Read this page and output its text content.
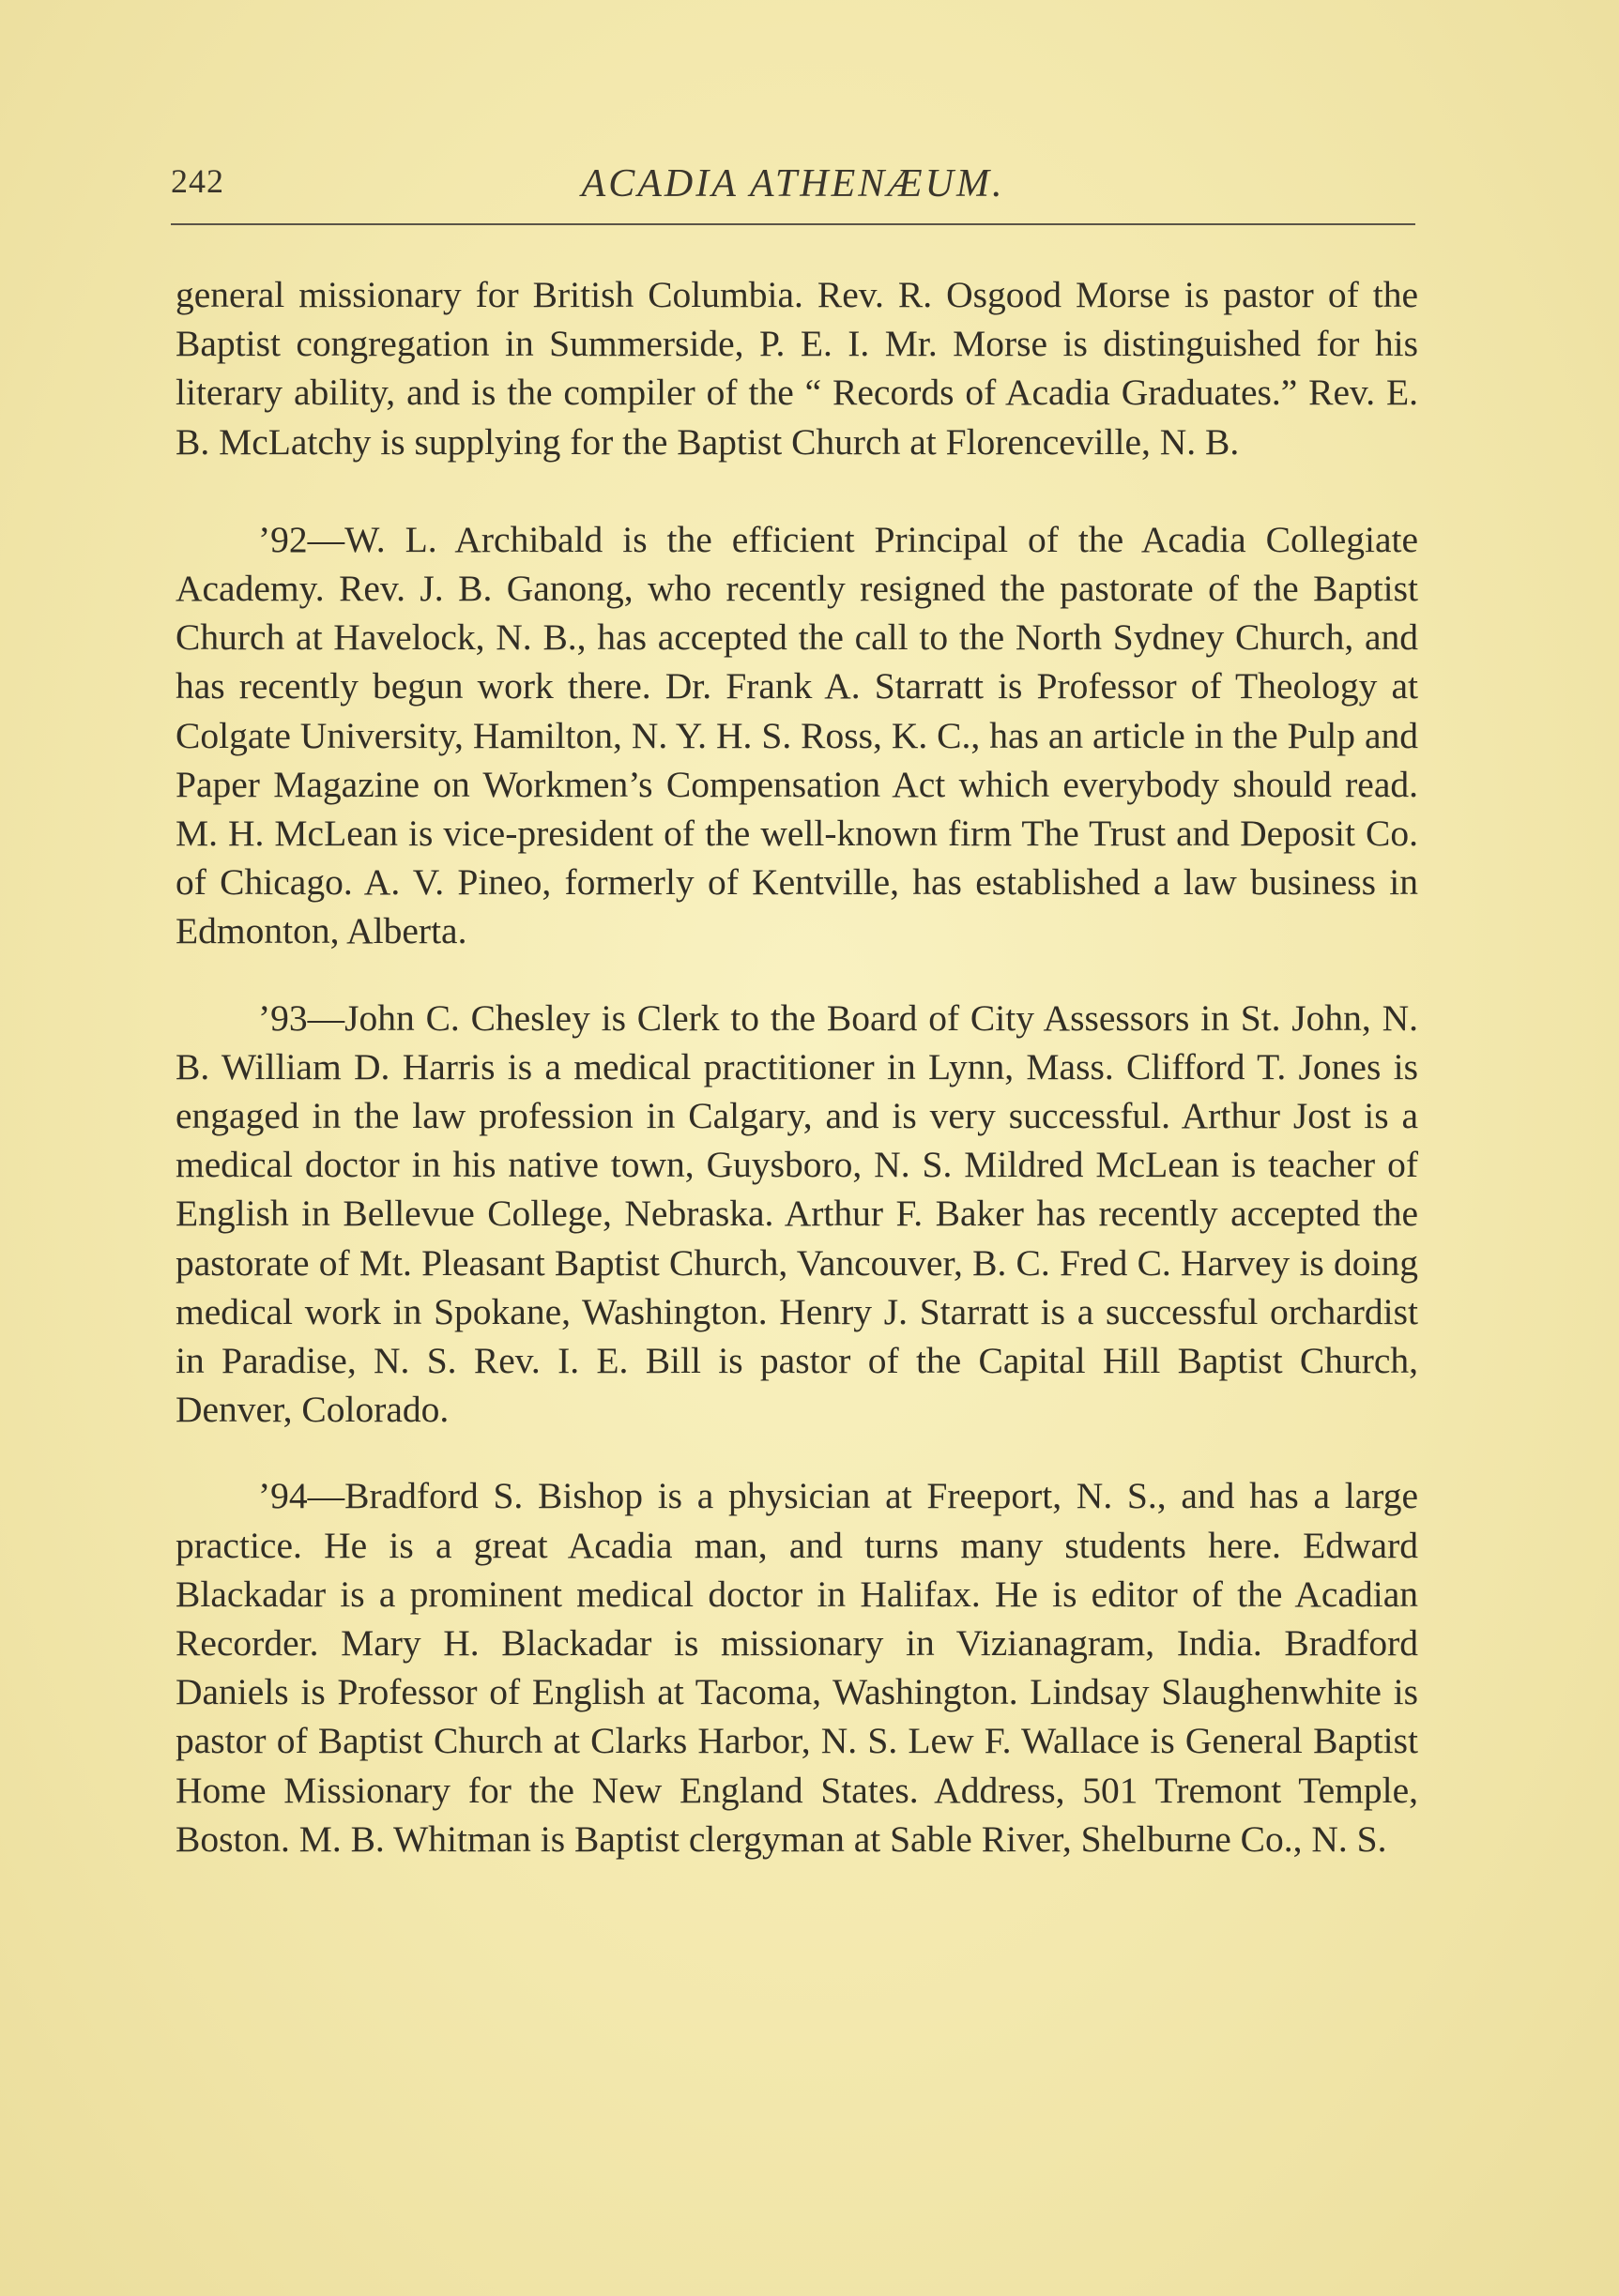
242	ACADIA ATHENÆUM.

general missionary for British Columbia. Rev. R. Osgood Morse is pastor of the Baptist congregation in Summerside, P. E. I. Mr. Morse is distinguished for his literary ability, and is the compiler of the “ Records of Acadia Graduates.” Rev. E. B. McLatchy is supplying for the Baptist Church at Florenceville, N. B.

’92—W. L. Archibald is the efficient Principal of the Acadia Collegiate Academy. Rev. J. B. Ganong, who recently resigned the pastorate of the Baptist Church at Havelock, N. B., has accepted the call to the North Sydney Church, and has recently begun work there. Dr. Frank A. Starratt is Professor of Theology at Colgate University, Hamilton, N. Y. H. S. Ross, K. C., has an article in the Pulp and Paper Magazine on Workmen’s Compensation Act which everybody should read. M. H. McLean is vice-president of the well-known firm The Trust and Deposit Co. of Chicago. A. V. Pineo, formerly of Kentville, has established a law business in Edmonton, Alberta.

’93—John C. Chesley is Clerk to the Board of City Assessors in St. John, N. B. William D. Harris is a medical practitioner in Lynn, Mass. Clifford T. Jones is engaged in the law profession in Calgary, and is very successful. Arthur Jost is a medical doctor in his native town, Guysboro, N. S. Mildred McLean is teacher of English in Bellevue College, Nebraska. Arthur F. Baker has recently accepted the pastorate of Mt. Pleasant Baptist Church, Vancouver, B. C. Fred C. Harvey is doing medical work in Spokane, Washington. Henry J. Starratt is a successful orchardist in Paradise, N. S. Rev. I. E. Bill is pastor of the Capital Hill Baptist Church, Denver, Colorado.

’94—Bradford S. Bishop is a physician at Freeport, N. S., and has a large practice. He is a great Acadia man, and turns many students here. Edward Blackadar is a prominent medical doctor in Halifax. He is editor of the Acadian Recorder. Mary H. Blackadar is missionary in Vizianagram, India. Bradford Daniels is Professor of English at Tacoma, Washington. Lindsay Slaughenwhite is pastor of Baptist Church at Clarks Harbor, N. S. Lew F. Wallace is General Baptist Home Missionary for the New England States. Address, 501 Tremont Temple, Boston. M. B. Whitman is Baptist clergyman at Sable River, Shelburne Co., N. S.
